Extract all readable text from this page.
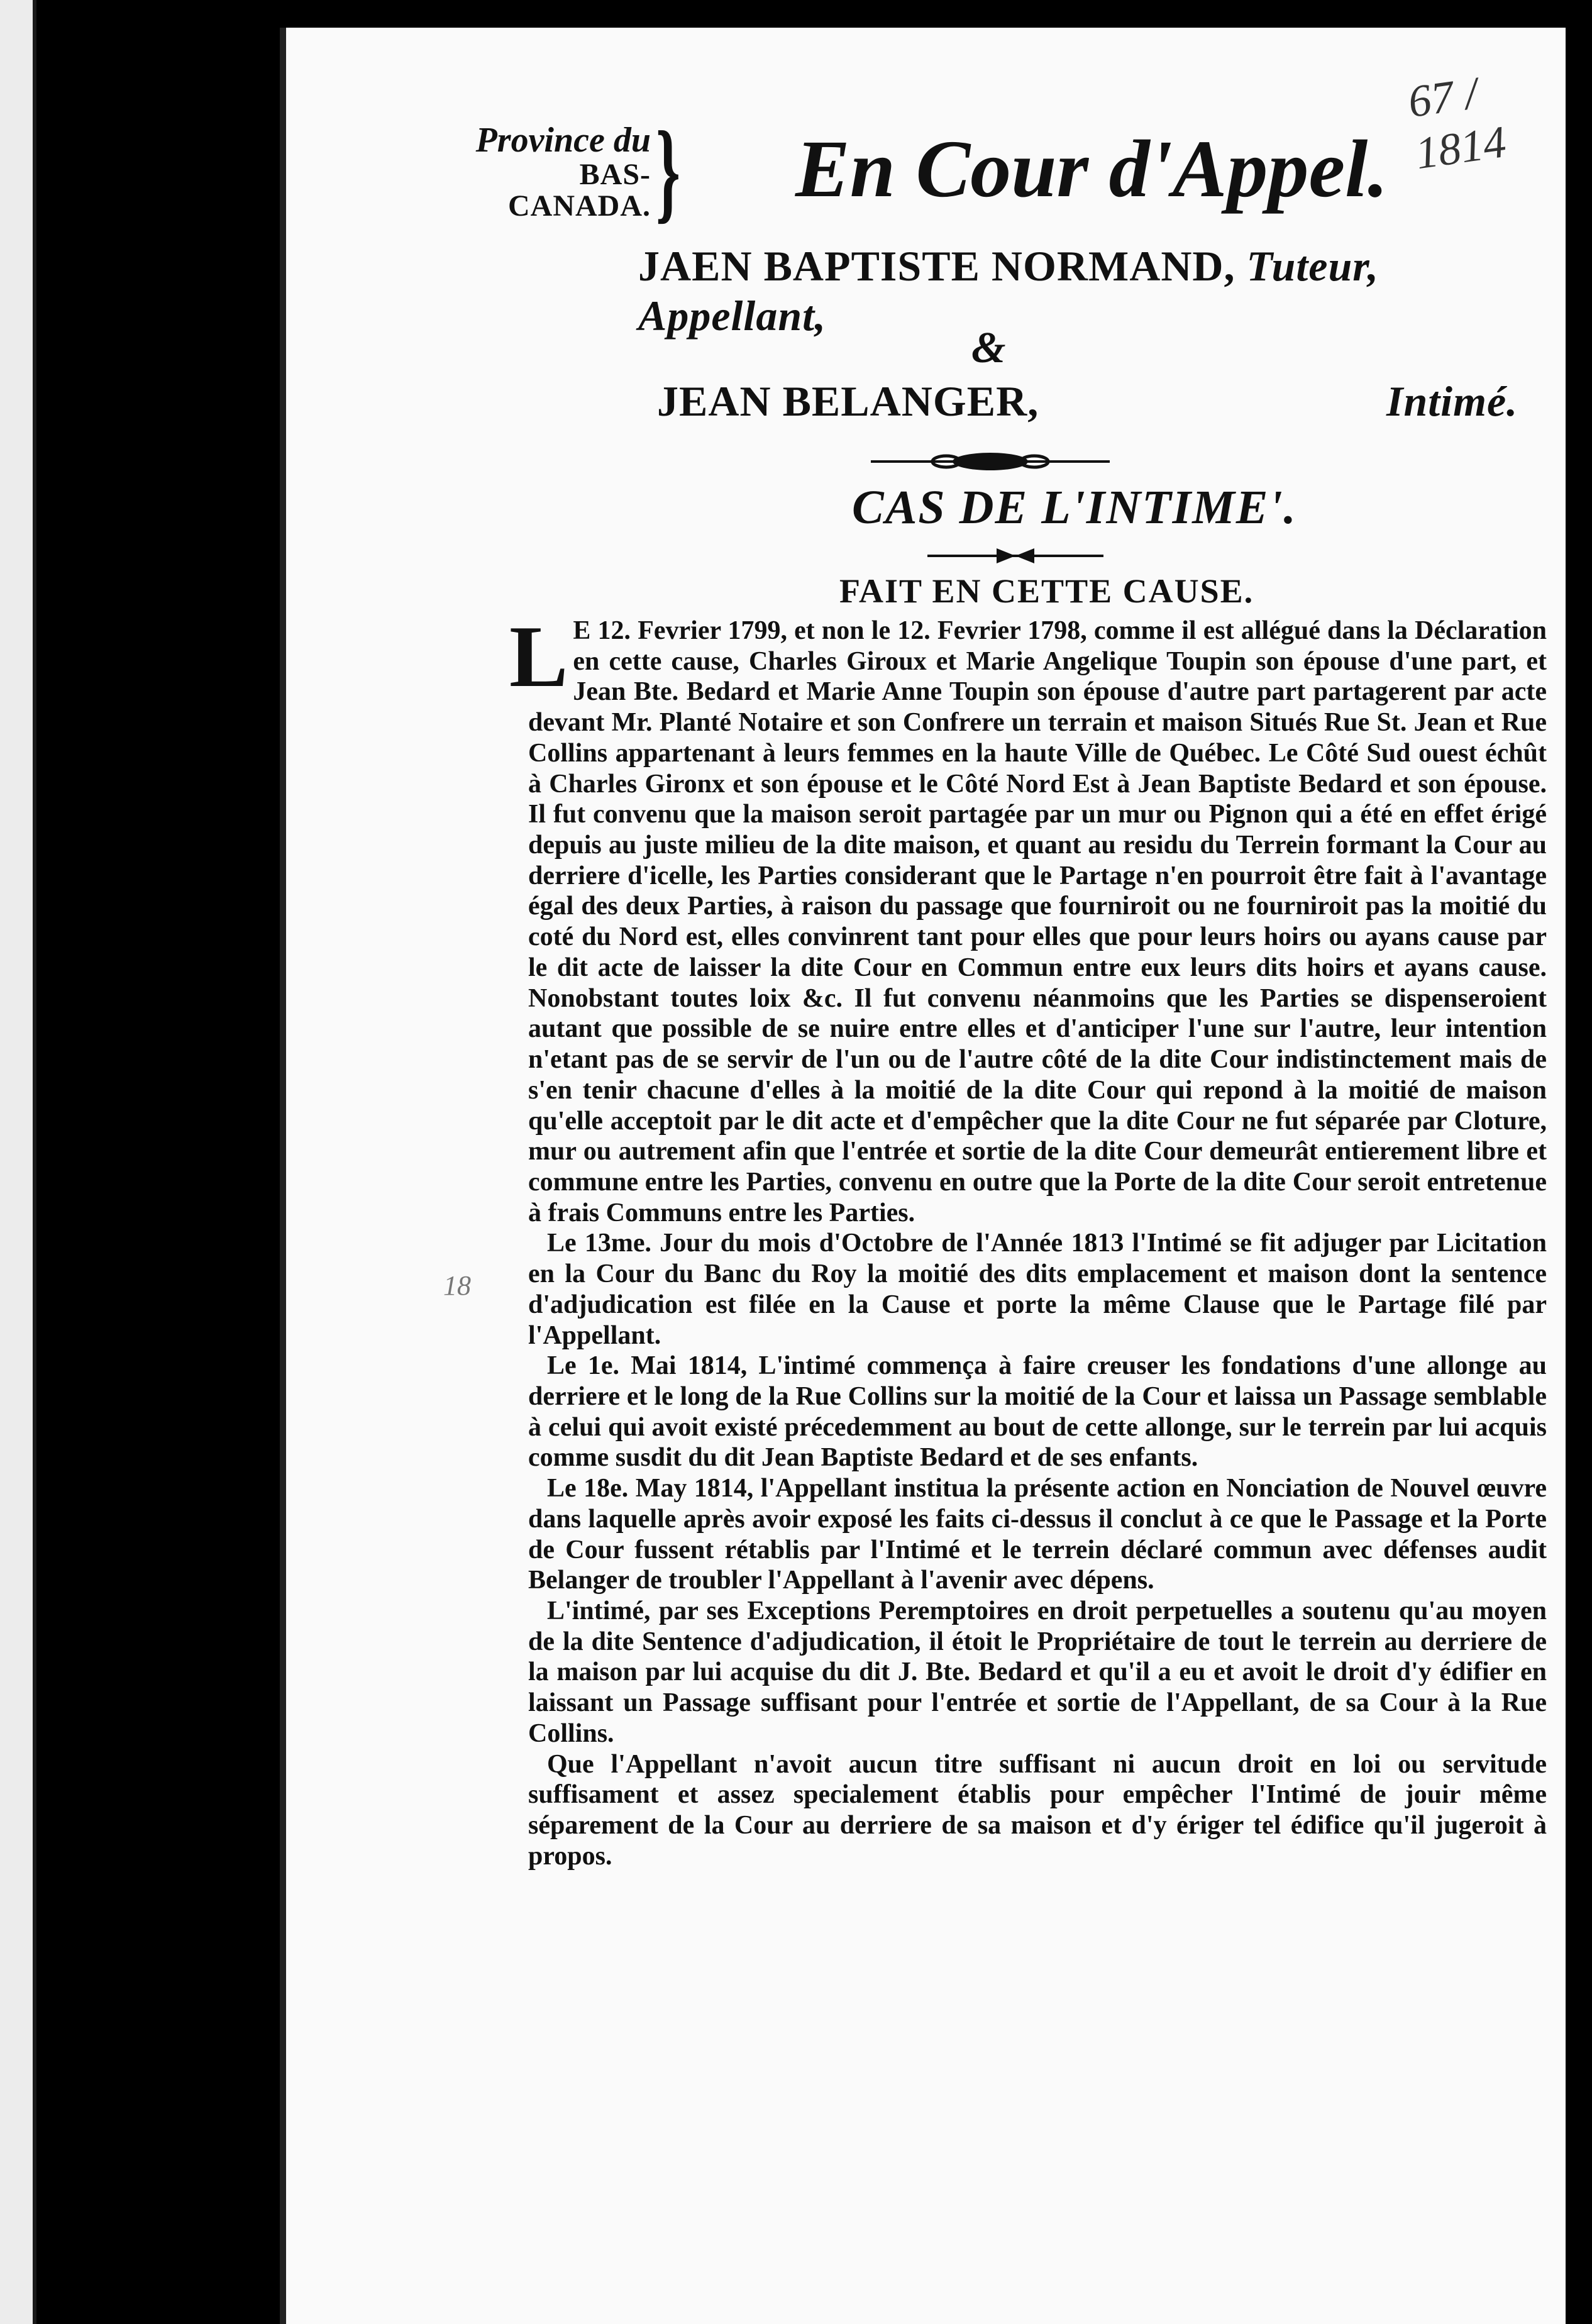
67 / 1814
Province du
BAS-CANADA. } En Cour d'Appel.
JAEN BAPTISTE NORMAND, Tuteur, Appellant,
&
JEAN BELANGER,	Intimé.
CAS DE L'INTIME'.
FAIT EN CETTE CAUSE.
18

L E 12. Fevrier 1799, et non le 12. Fevrier 1798, comme il est allégué dans la Déclaration en cette cause, Charles Giroux et Marie Angelique Toupin son épouse d'une part, et Jean Bte. Bedard et Marie Anne Toupin son épouse d'autre part partagerent par acte devant Mr. Planté Notaire et son Confrere un terrain et maison Situés Rue St. Jean et Rue Collins appartenant à leurs femmes en la haute Ville de Québec. Le Côté Sud ouest échût à Charles Gironx et son épouse et le Côté Nord Est à Jean Baptiste Bedard et son épouse. Il fut convenu que la maison seroit partagée par un mur ou Pignon qui a été en effet érigé depuis au juste milieu de la dite maison, et quant au residu du Terrein formant la Cour au derriere d'icelle, les Parties considerant que le Partage n'en pourroit être fait à l'avantage égal des deux Parties, à raison du passage que fourniroit ou ne fourniroit pas la moitié du coté du Nord est, elles convinrent tant pour elles que pour leurs hoirs ou ayans cause par le dit acte de laisser la dite Cour en Commun entre eux leurs dits hoirs et ayans cause. Nonobstant toutes loix &c. Il fut convenu néanmoins que les Parties se dispenseroient autant que possible de se nuire entre elles et d'anticiper l'une sur l'autre, leur intention n'etant pas de se servir de l'un ou de l'autre côté de la dite Cour indistinctement mais de s'en tenir chacune d'elles à la moitié de la dite Cour qui repond à la moitié de maison qu'elle acceptoit par le dit acte et d'empêcher que la dite Cour ne fut séparée par Cloture, mur ou autrement afin que l'entrée et sortie de la dite Cour demeurât entierement libre et commune entre les Parties, convenu en outre que la Porte de la dite Cour seroit entretenue à frais Communs entre les Parties.

Le 13me. Jour du mois d'Octobre de l'Année 1813 l'Intimé se fit adjuger par Licitation en la Cour du Banc du Roy la moitié des dits emplacement et maison dont la sentence d'adjudication est filée en la Cause et porte la même Clause que le Partage filé par l'Appellant.

Le 1e. Mai 1814, L'intimé commença à faire creuser les fondations d'une allonge au derriere et le long de la Rue Collins sur la moitié de la Cour et laissa un Passage semblable à celui qui avoit existé précedemment au bout de cette allonge, sur le terrein par lui acquis comme susdit du dit Jean Baptiste Bedard et de ses enfants.

Le 18e. May 1814, l'Appellant institua la présente action en Nonciation de Nouvel œuvre dans laquelle après avoir exposé les faits ci-dessus il conclut à ce que le Passage et la Porte de Cour fussent rétablis par l'Intimé et le terrein déclaré commun avec défenses audit Belanger de troubler l'Appellant à l'avenir avec dépens.

L'intimé, par ses Exceptions Peremptoires en droit perpetuelles a soutenu qu'au moyen de la dite Sentence d'adjudication, il étoit le Propriétaire de tout le terrein au derriere de la maison par lui acquise du dit J. Bte. Bedard et qu'il a eu et avoit le droit d'y édifier en laissant un Passage suffisant pour l'entrée et sortie de l'Appellant, de sa Cour à la Rue Collins.

Que l'Appellant n'avoit aucun titre suffisant ni aucun droit en loi ou servitude suffisament et assez specialement établis pour empêcher l'Intimé de jouir même séparement de la Cour au derriere de sa maison et d'y ériger tel édifice qu'il jugeroit à propos.
